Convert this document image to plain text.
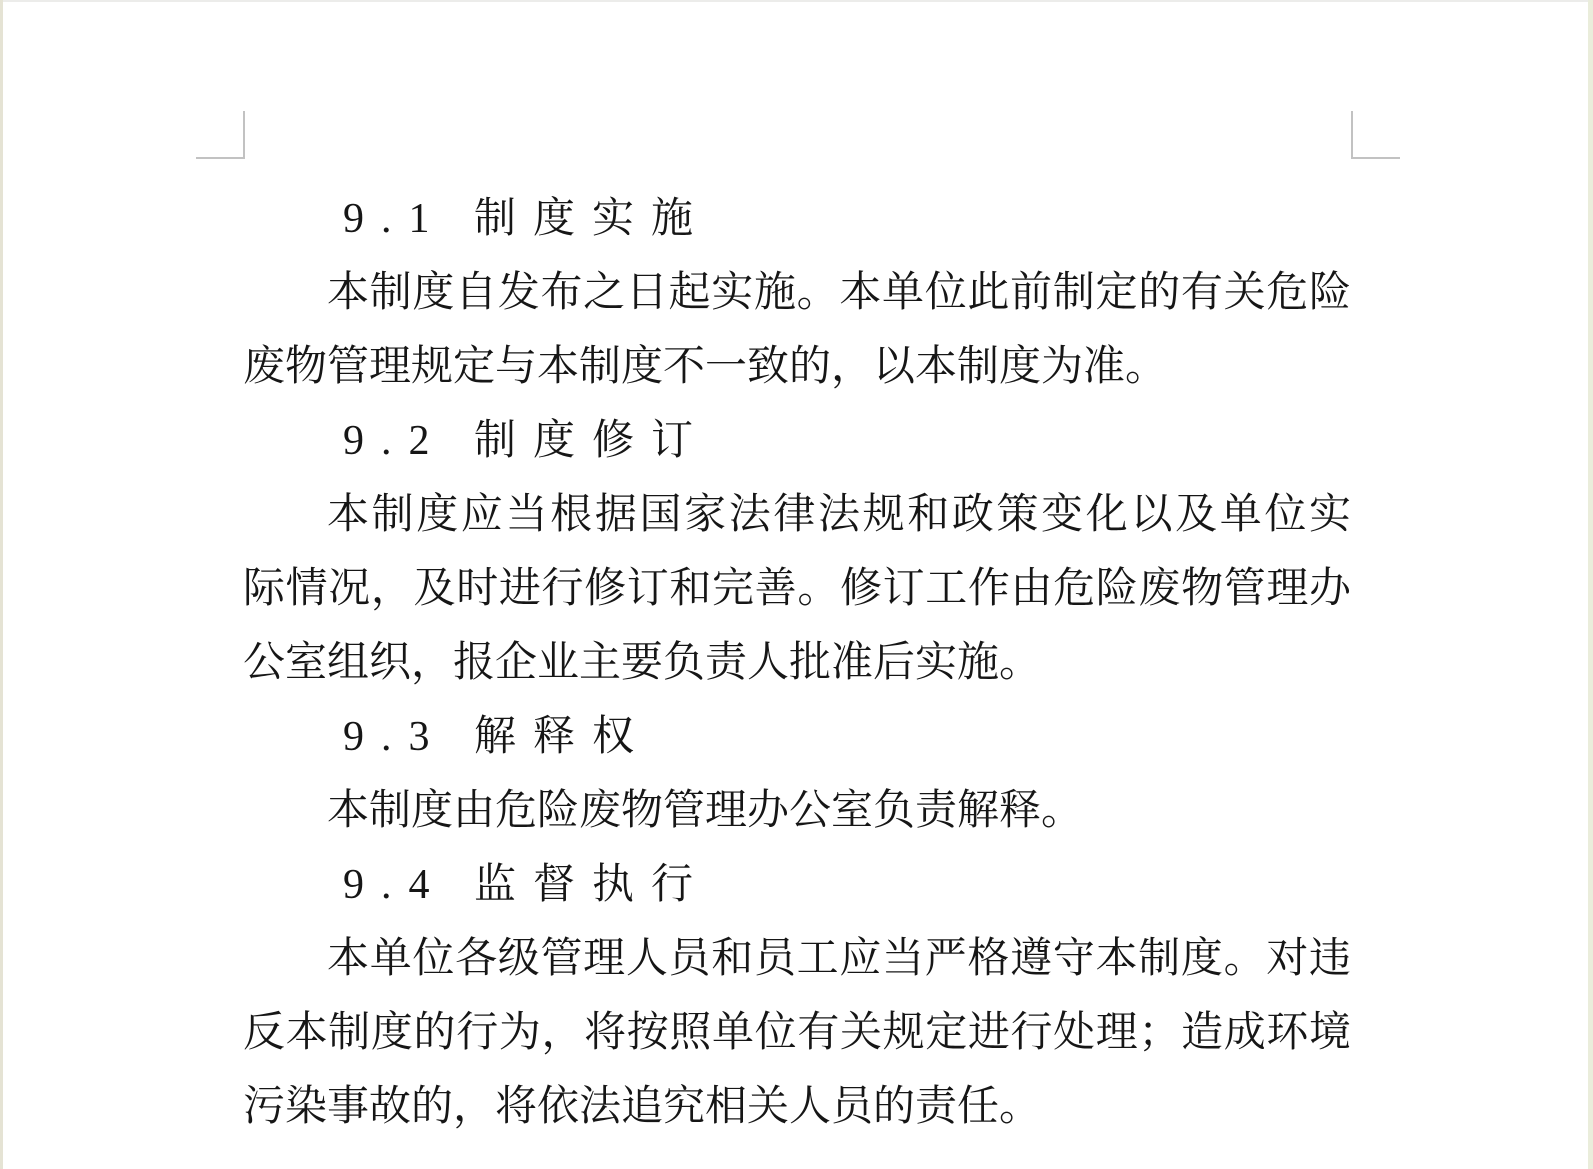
9.1 制度实施
本制度自发布之日起实施。本单位此前制定的有关危险
废物管理规定与本制度不一致的，以本制度为准。
9.2 制度修订
本制度应当根据国家法律法规和政策变化以及单位实
际情况，及时进行修订和完善。修订工作由危险废物管理办
公室组织，报企业主要负责人批准后实施。
9.3 解释权
本制度由危险废物管理办公室负责解释。
9.4 监督执行
本单位各级管理人员和员工应当严格遵守本制度。对违
反本制度的行为，将按照单位有关规定进行处理；造成环境
污染事故的，将依法追究相关人员的责任。
